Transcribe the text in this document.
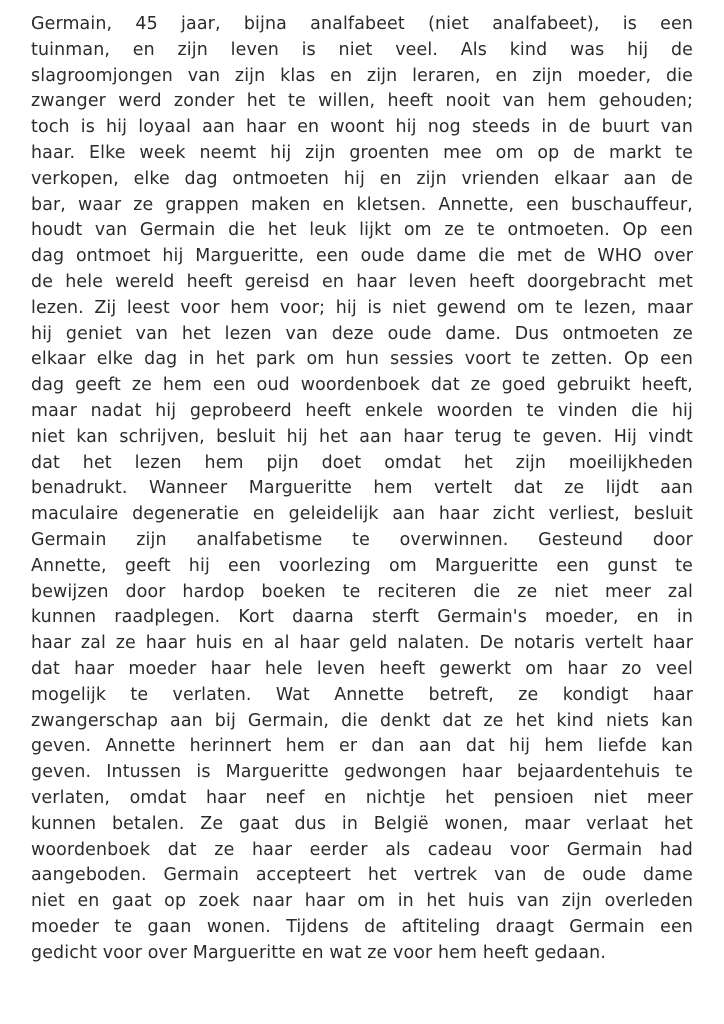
Germain, 45 jaar, bijna analfabeet (niet analfabeet), is een
tuinman, en zijn leven is niet veel. Als kind was hij de
slagroomjongen van zijn klas en zijn leraren, en zijn moeder, die
zwanger werd zonder het te willen, heeft nooit van hem gehouden;
toch is hij loyaal aan haar en woont hij nog steeds in de buurt van
haar. Elke week neemt hij zijn groenten mee om op de markt te
verkopen, elke dag ontmoeten hij en zijn vrienden elkaar aan de
bar, waar ze grappen maken en kletsen. Annette, een buschauffeur,
houdt van Germain die het leuk lijkt om ze te ontmoeten. Op een
dag ontmoet hij Margueritte, een oude dame die met de WHO over
de hele wereld heeft gereisd en haar leven heeft doorgebracht met
lezen. Zij leest voor hem voor; hij is niet gewend om te lezen, maar
hij geniet van het lezen van deze oude dame. Dus ontmoeten ze
elkaar elke dag in het park om hun sessies voort te zetten. Op een
dag geeft ze hem een oud woordenboek dat ze goed gebruikt heeft,
maar nadat hij geprobeerd heeft enkele woorden te vinden die hij
niet kan schrijven, besluit hij het aan haar terug te geven. Hij vindt
dat het lezen hem pijn doet omdat het zijn moeilijkheden
benadrukt. Wanneer Margueritte hem vertelt dat ze lijdt aan
maculaire degeneratie en geleidelijk aan haar zicht verliest, besluit
Germain zijn analfabetisme te overwinnen. Gesteund door
Annette, geeft hij een voorlezing om Margueritte een gunst te
bewijzen door hardop boeken te reciteren die ze niet meer zal
kunnen raadplegen. Kort daarna sterft Germain's moeder, en in
haar zal ze haar huis en al haar geld nalaten. De notaris vertelt haar
dat haar moeder haar hele leven heeft gewerkt om haar zo veel
mogelijk te verlaten. Wat Annette betreft, ze kondigt haar
zwangerschap aan bij Germain, die denkt dat ze het kind niets kan
geven. Annette herinnert hem er dan aan dat hij hem liefde kan
geven. Intussen is Margueritte gedwongen haar bejaardentehuis te
verlaten, omdat haar neef en nichtje het pensioen niet meer
kunnen betalen. Ze gaat dus in België wonen, maar verlaat het
woordenboek dat ze haar eerder als cadeau voor Germain had
aangeboden. Germain accepteert het vertrek van de oude dame
niet en gaat op zoek naar haar om in het huis van zijn overleden
moeder te gaan wonen. Tijdens de aftiteling draagt Germain een
gedicht voor over Margueritte en wat ze voor hem heeft gedaan.
